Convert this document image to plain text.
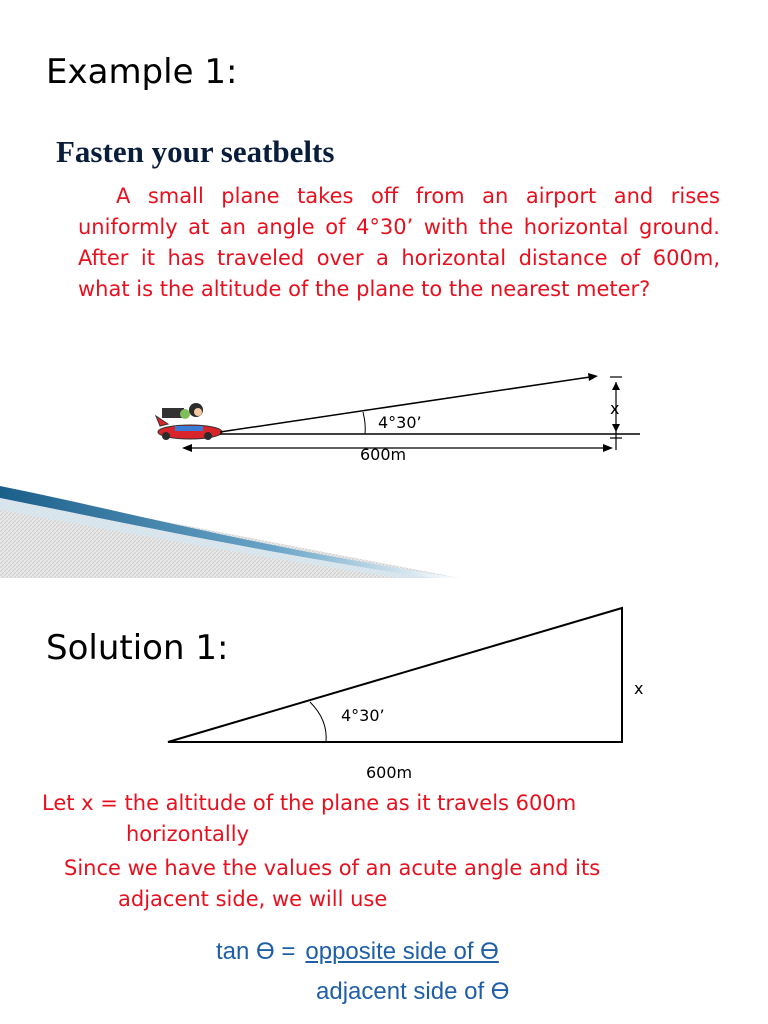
Example 1:
Fasten your seatbelts
A small plane takes off from an airport and rises uniformly at an angle of 4°30’ with the horizontal ground. After it has traveled over a horizontal distance of 600m, what is the altitude of the plane to the nearest meter?
4°30’
600m
x
Solution 1:
4°30’
x
600m
Let x = the altitude of the plane as it travels 600m
horizontally
Since we have the values of an acute angle and its
adjacent side, we will use
tan ϴ = opposite side of ϴ
adjacent side of ϴ
